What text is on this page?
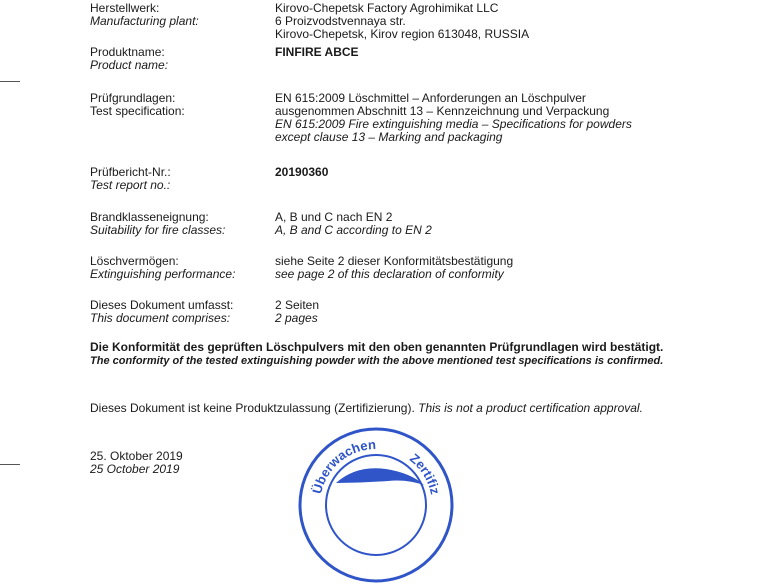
Herstellwerk:
Manufacturing plant:
Kirovo-Chepetsk Factory Agrohimikat LLC
6 Proizvodstvennaya str.
Kirovo-Chepetsk, Kirov region 613048, RUSSIA
Produktname:
Product name:
FINFIRE ABCE
Prüfgrundlagen:
Test specification:
EN 615:2009 Löschmittel – Anforderungen an Löschpulver
ausgenommen Abschnitt 13 – Kennzeichnung und Verpackung
EN 615:2009 Fire extinguishing media – Specifications for powders
except clause 13 – Marking and packaging
Prüfbericht-Nr.:
Test report no.:
20190360
Brandklasseneignung:
Suitability for fire classes:
A, B und C nach EN 2
A, B and C according to EN 2
Löschvermögen:
Extinguishing performance:
siehe Seite 2 dieser Konformitätsbestätigung
see page 2 of this declaration of conformity
Dieses Dokument umfasst:
This document comprises:
2 Seiten
2 pages
Die Konformität des geprüften Löschpulvers mit den oben genannten Prüfgrundlagen wird bestätigt.
The conformity of the tested extinguishing powder with the above mentioned test specifications is confirmed.
Dieses Dokument ist keine Produktzulassung (Zertifizierung). This is not a product certification approval.
25. Oktober 2019
25 October 2019
Überwachen
Zertifiz
